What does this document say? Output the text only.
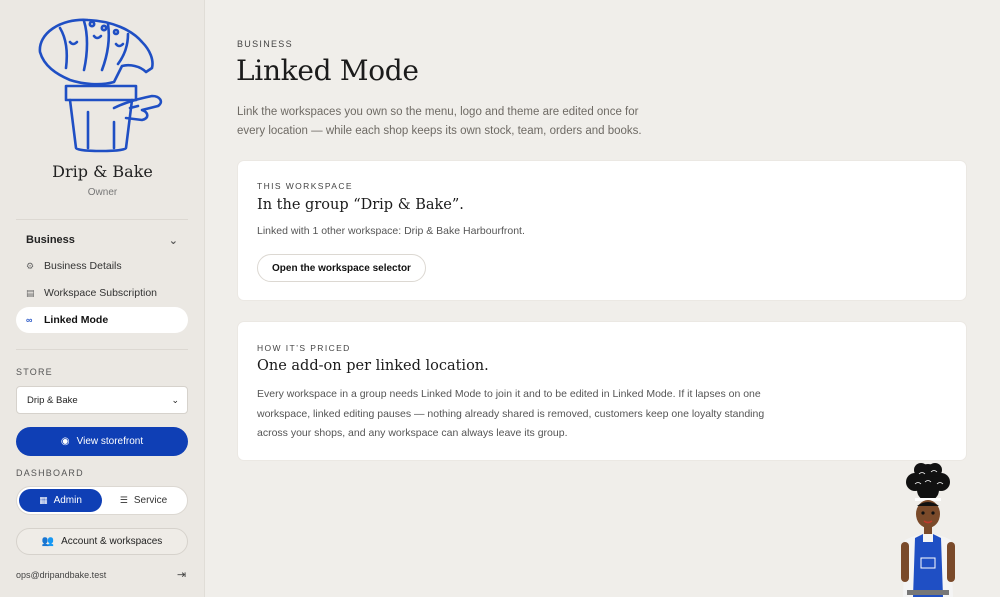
Drip & Bake
Owner
Business	⌄
⚙ Business Details
▤ Workspace Subscription
∞	Linked Mode
STORE
Drip & Bake	⌄
◉ View storefront
DASHBOARD
▦ Admin	☰ Service
👥 Account & workspaces
ops@dripandbake.test	⇥
BUSINESS
Linked Mode

Link the workspaces you own so the menu, logo and theme are edited once for every location — while each shop keeps its own stock, team, orders and books.

THIS WORKSPACE
In the group “Drip & Bake”.
Linked with 1 other workspace: Drip & Bake Harbourfront.
Open the workspace selector
HOW IT’S PRICED
One add-on per linked location.
Every workspace in a group needs Linked Mode to join it and to be edited in Linked Mode. If it lapses on one workspace, linked editing pauses — nothing already shared is removed, customers keep one loyalty standing across your shops, and any workspace can always leave its group.
